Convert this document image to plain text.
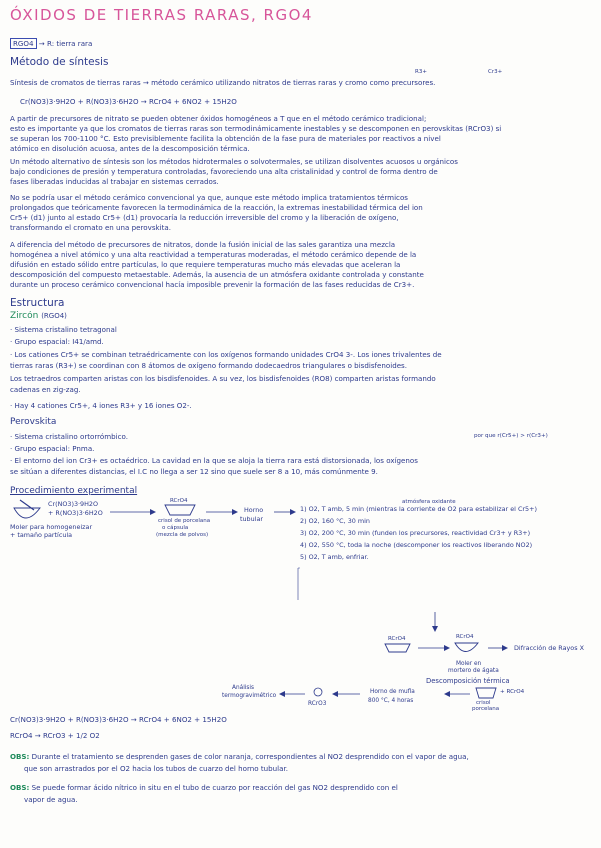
ÓXIDOS DE TIERRAS RARAS, RGO4
RGO4 → R: tierra rara
Método de síntesis
R3+	Cr3+
Síntesis de cromatos de tierras raras → método cerámico utilizando nitratos de tierras raras y cromo como precursores.
Cr(NO3)3·9H2O + R(NO3)3·6H2O → RCrO4 + 6NO2 + 15H2O
A partir de precursores de nitrato se pueden obtener óxidos homogéneos a T que en el método cerámico tradicional;
esto es importante ya que los cromatos de tierras raras son termodinámicamente inestables y se descomponen en perovskitas (RCrO3) si
se superan los 700-1100 °C. Esto previsiblemente facilita la obtención de la fase pura de materiales por reactivos a nivel
atómico en disolución acuosa, antes de la descomposición térmica.
Un método alternativo de síntesis son los métodos hidrotermales o solvotermales, se utilizan disolventes acuosos u orgánicos
bajo condiciones de presión y temperatura controladas, favoreciendo una alta cristalinidad y control de forma dentro de
fases liberadas inducidas al trabajar en sistemas cerrados.
No se podría usar el método cerámico convencional ya que, aunque este método implica tratamientos térmicos
prolongados que teóricamente favorecen la termodinámica de la reacción, la extremas inestabilidad térmica del ion
Cr5+ (d1) junto al estado Cr5+ (d1) provocaría la reducción irreversible del cromo y la liberación de oxígeno,
transformando el cromato en una perovskita.
A diferencia del método de precursores de nitratos, donde la fusión inicial de las sales garantiza una mezcla
homogénea a nivel atómico y una alta reactividad a temperaturas moderadas, el método cerámico depende de la
difusión en estado sólido entre partículas, lo que requiere temperaturas mucho más elevadas que aceleran la
descomposición del compuesto metaestable. Además, la ausencia de un atmósfera oxidante controlada y constante
durante un proceso cerámico convencional hacía imposible prevenir la formación de las fases reducidas de Cr3+.
Estructura
Zircón (RGO4)
· Sistema cristalino tetragonal
· Grupo espacial: I41/amd.
· Los cationes Cr5+ se combinan tetraédricamente con los oxígenos formando unidades CrO4 3-. Los iones trivalentes de
tierras raras (R3+) se coordinan con 8 átomos de oxígeno formando dodecaedros triangulares o bisdisfenoides.
Los tetraedros comparten aristas con los bisdisfenoides. A su vez, los bisdisfenoides (RO8) comparten aristas formando
cadenas en zig-zag.
· Hay 4 cationes Cr5+, 4 iones R3+ y 16 iones O2-.
Perovskita
por que r(Cr5+) > r(Cr3+)
· Sistema cristalino ortorrómbico.
· Grupo espacial: Pnma.
· El entorno del ion Cr3+ es octaédrico. La cavidad en la que se aloja la tierra rara está distorsionada, los oxígenos
se sitúan a diferentes distancias, el I.C no llega a ser 12 sino que suele ser 8 a 10, más comúnmente 9.
Procedimiento experimental
Cr(NO3)3·9H2O
+ R(NO3)3·6H2O
Moler para homogeneizar
+ tamaño partícula
RCrO4
crisol de porcelana
o cápsula
(mezcla de polvos)
Horno
tubular
atmósfera oxidante
1) O2, T amb, 5 min (mientras la corriente de O2 para estabilizar el Cr5+)
2) O2, 160 °C, 30 min
3) O2, 200 °C, 30 min (funden los precursores, reactividad Cr3+ y R3+)
4) O2, 550 °C, toda la noche (descomponer los reactivos liberando NO2)
5) O2, T amb, enfriar.
RCrO4	RCrO4
Difracción de Rayos X
Moler en
mortero de ágata
Descomposición térmica
+ RCrO4
crisol
porcelana
Horno de mufla
800 °C, 4 horas
RCrO3
Análisis
termogravimétrico
Cr(NO3)3·9H2O + R(NO3)3·6H2O → RCrO4 + 6NO2 + 15H2O
RCrO4 → RCrO3 + 1/2 O2
OBS: Durante el tratamiento se desprenden gases de color naranja, correspondientes al NO2 desprendido con el vapor de agua,
que son arrastrados por el O2 hacia los tubos de cuarzo del horno tubular.
OBS: Se puede formar ácido nítrico in situ en el tubo de cuarzo por reacción del gas NO2 desprendido con el
vapor de agua.
